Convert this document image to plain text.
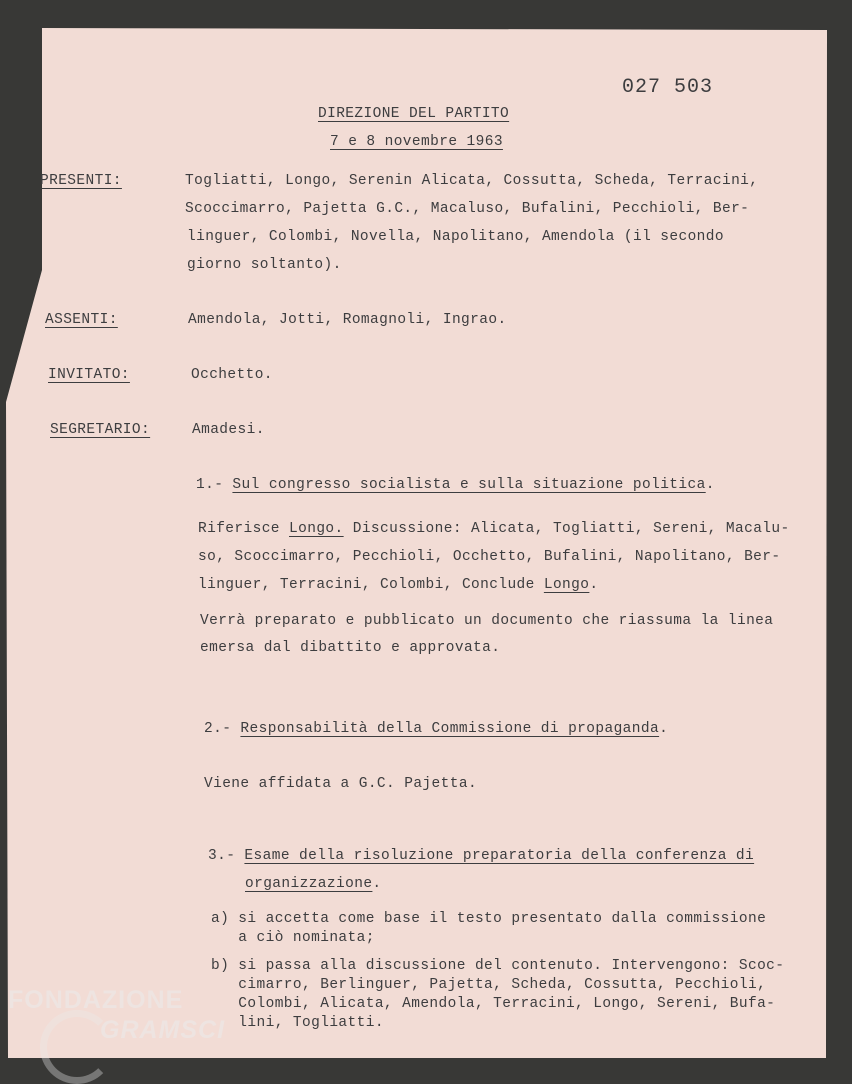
027 503
DIREZIONE DEL PARTITO
7 e 8 novembre 1963
PRESENTI:	Togliatti, Longo, Serenin Alicata, Cossutta, Scheda, Terracini,
Scoccimarro, Pajetta G.C., Macaluso, Bufalini, Pecchioli, Ber-
linguer, Colombi, Novella, Napolitano, Amendola (il secondo
giorno soltanto).
ASSENTI:	Amendola, Jotti, Romagnoli, Ingrao.
INVITATO:	Occhetto.
SEGRETARIO:	Amadesi.
1.- Sul congresso socialista e sulla situazione politica.
Riferisce Longo. Discussione: Alicata, Togliatti, Sereni, Macalu-
so, Scoccimarro, Pecchioli, Occhetto, Bufalini, Napolitano, Ber-
linguer, Terracini, Colombi, Conclude Longo.
Verrà preparato e pubblicato un documento che riassuma la linea
emersa dal dibattito e approvata.
2.- Responsabilità della Commissione di propaganda.
Viene affidata a G.C. Pajetta.
3.- Esame della risoluzione preparatoria della conferenza di
organizzazione.
a) si accetta come base il testo presentato dalla commissione
a ciò nominata;
b) si passa alla discussione del contenuto. Intervengono: Scoc-
cimarro, Berlinguer, Pajetta, Scheda, Cossutta, Pecchioli,
Colombi, Alicata, Amendola, Terracini, Longo, Sereni, Bufa-
lini, Togliatti.
FONDAZIONE
GRAMSCI
